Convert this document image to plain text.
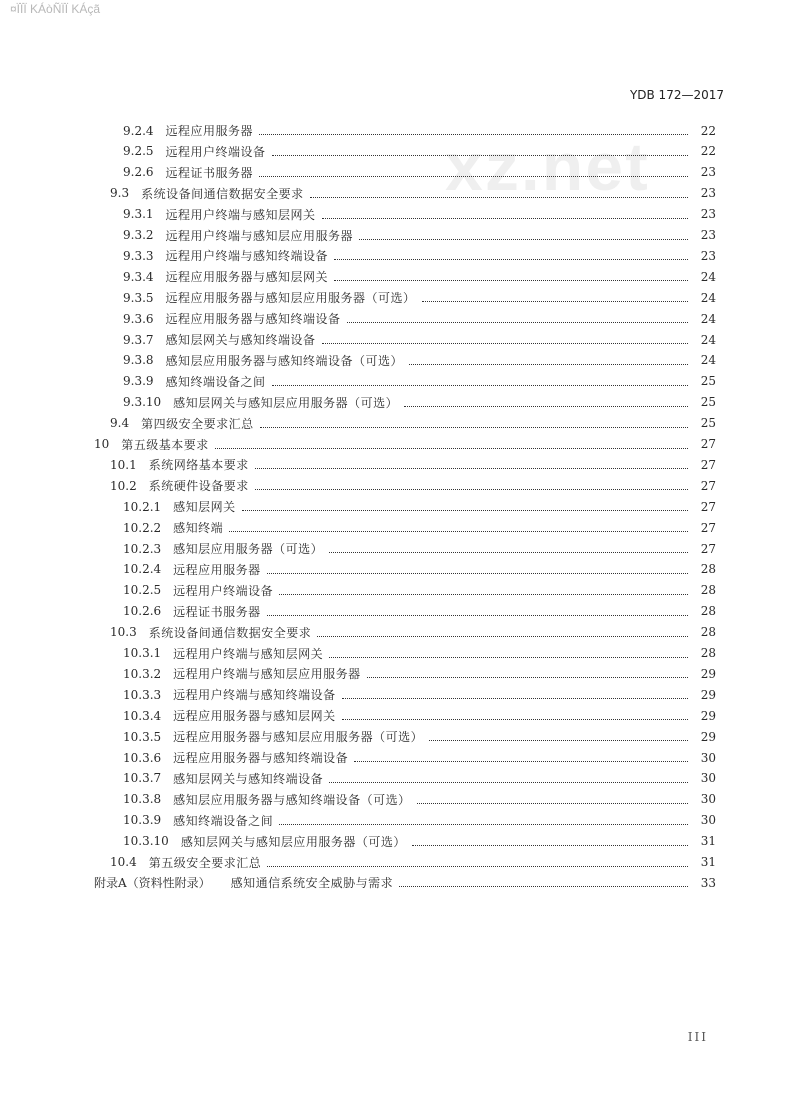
¤ÏÏÏ KÁòÑÏÏ KÁçã
xz.net
YDB 172—2017
9.2.4 远程应用服务器	22
9.2.5 远程用户终端设备	22
9.2.6 远程证书服务器	23
9.3 系统设备间通信数据安全要求	23
9.3.1 远程用户终端与感知层网关	23
9.3.2 远程用户终端与感知层应用服务器	23
9.3.3 远程用户终端与感知终端设备	23
9.3.4 远程应用服务器与感知层网关	24
9.3.5 远程应用服务器与感知层应用服务器（可选）	24
9.3.6 远程应用服务器与感知终端设备	24
9.3.7 感知层网关与感知终端设备	24
9.3.8 感知层应用服务器与感知终端设备（可选）	24
9.3.9 感知终端设备之间	25
9.3.10 感知层网关与感知层应用服务器（可选）	25
9.4 第四级安全要求汇总	25
10 第五级基本要求	27
10.1 系统网络基本要求	27
10.2 系统硬件设备要求	27
10.2.1 感知层网关	27
10.2.2 感知终端	27
10.2.3 感知层应用服务器（可选）	27
10.2.4 远程应用服务器	28
10.2.5 远程用户终端设备	28
10.2.6 远程证书服务器	28
10.3 系统设备间通信数据安全要求	28
10.3.1 远程用户终端与感知层网关	28
10.3.2 远程用户终端与感知层应用服务器	29
10.3.3 远程用户终端与感知终端设备	29
10.3.4 远程应用服务器与感知层网关	29
10.3.5 远程应用服务器与感知层应用服务器（可选）	29
10.3.6 远程应用服务器与感知终端设备	30
10.3.7 感知层网关与感知终端设备	30
10.3.8 感知层应用服务器与感知终端设备（可选）	30
10.3.9 感知终端设备之间	30
10.3.10 感知层网关与感知层应用服务器（可选）	31
10.4 第五级安全要求汇总	31
附录A（资料性附录） 感知通信系统安全威胁与需求	33
III
